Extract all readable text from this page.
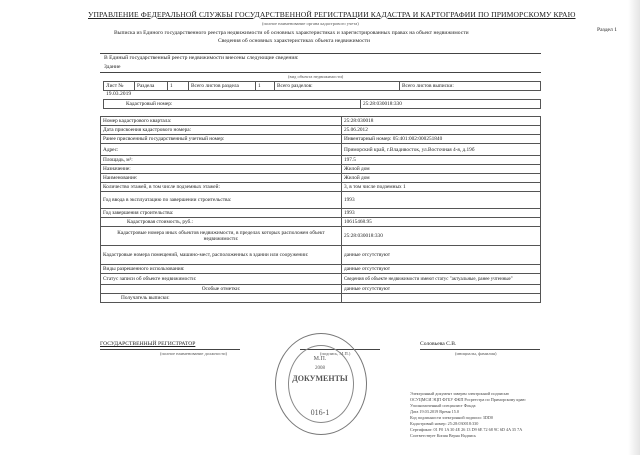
УПРАВЛЕНИЕ ФЕДЕРАЛЬНОЙ СЛУЖБЫ ГОСУДАРСТВЕННОЙ РЕГИСТРАЦИИ КАДАСТРА И КАРТОГРАФИИ ПО ПРИМОРСКОМУ КРАЮ
(полное наименование органа кадастрового учета)
Раздел 1
Выписка из Единого государственного реестра недвижимости об основных характеристиках и зарегистрированных правах на объект недвижимости
Сведения об основных характеристиках объекта недвижимости
В Единый государственный реестр недвижимости внесены следующие сведения:
Здание
(вид объекта недвижимости)
Лист №	Раздела	1	Всего листов раздела	1	Всего разделов:	Всего листов выписки:
19.03.2019
Кадастровый номер:	25:28:030018:330
Номер кадастрового квартала:	25:28:030018
Дата присвоения кадастрового номера:	25.06.2012
Ранее присвоенный государственный учетный номер:	Инвентарный номер: 05:401:002:000251840
Адрес:	Приморский край, г.Владивосток, ул.Восточная 4-я, д.19б
Площадь, м²:	197.5
Назначение:	Жилой дом
Наименование:	Жилой дом
Количество этажей, в том числе подземных этажей:	3, в том числе подземных 1
Год ввода в эксплуатацию по завершении строительства:	1993
Год завершения строительства:	1993
Кадастровая стоимость, руб.:	10615468.95
Кадастровые номера иных объектов недвижимости, в пределах которых расположен объект недвижимости:	25:28:030018:330
Кадастровые номера помещений, машино-мест, расположенных в здании или сооружении:	данные отсутствуют
Виды разрешенного использования:	данные отсутствуют
Статус записи об объекте недвижимости:	Сведения об объекте недвижимости имеют статус "актуальные, ранее учтенные"
Особые отметки:	данные отсутствуют
Получатель выписки:	
ГОСУДАРСТВЕННЫЙ РЕГИСТРАТОР
(полное наименование должности)	(подпись, М.П.)
Соловьева С.В.
(инициалы, фамилия)
М.П.
2008
ДОКУМЕНТЫ
016-1
Электронный документ заверен электронной подписью
ОСУЦМСИ ЭЦП ФГБУ ФКП Росреестра по Приморскому краю
Уполномоченный специалист Фонда
Дата 19.03.2019 Время 15.0
Код подлинности электронной подписи: 3DD0
Кадастровый номер: 25:28:030018:330
Сертификат: 01 F0 1A 30 4E 26 13 D9 6E 72 68 9C 6D 4A 35 7A
Соответствует Копия Верна Надпись
